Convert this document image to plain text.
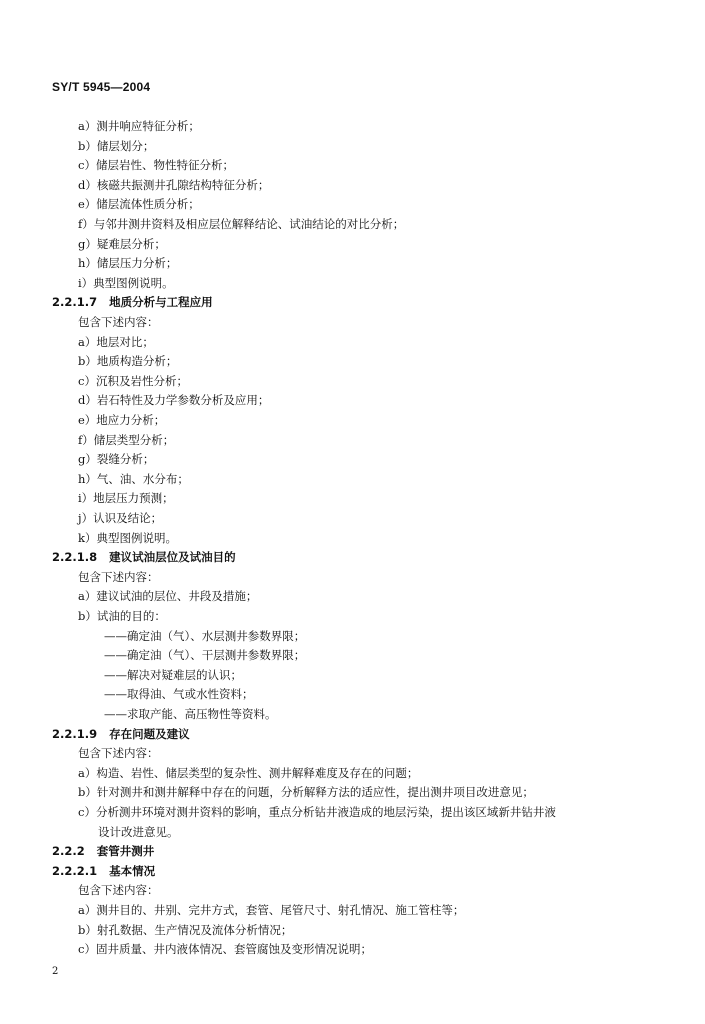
SY/T 5945—2004
a）测井响应特征分析；
b）储层划分；
c）储层岩性、物性特征分析；
d）核磁共振测井孔隙结构特征分析；
e）储层流体性质分析；
f）与邻井测井资料及相应层位解释结论、试油结论的对比分析；
g）疑难层分析；
h）储层压力分析；
i）典型图例说明。
2.2.1.7 地质分析与工程应用
包含下述内容：
a）地层对比；
b）地质构造分析；
c）沉积及岩性分析；
d）岩石特性及力学参数分析及应用；
e）地应力分析；
f）储层类型分析；
g）裂缝分析；
h）气、油、水分布；
i）地层压力预测；
j）认识及结论；
k）典型图例说明。
2.2.1.8 建议试油层位及试油目的
包含下述内容：
a）建议试油的层位、井段及措施；
b）试油的目的：
——确定油（气）、水层测井参数界限；
——确定油（气）、干层测井参数界限；
——解决对疑难层的认识；
——取得油、气或水性资料；
——求取产能、高压物性等资料。
2.2.1.9 存在问题及建议
包含下述内容：
a）构造、岩性、储层类型的复杂性、测井解释难度及存在的问题；
b）针对测井和测井解释中存在的问题，分析解释方法的适应性，提出测井项目改进意见；
c）分析测井环境对测井资料的影响，重点分析钻井液造成的地层污染，提出该区域新井钻井液
设计改进意见。
2.2.2 套管井测井
2.2.2.1 基本情况
包含下述内容：
a）测井目的、井别、完井方式，套管、尾管尺寸、射孔情况、施工管柱等；
b）射孔数据、生产情况及流体分析情况；
c）固井质量、井内液体情况、套管腐蚀及变形情况说明；
2
